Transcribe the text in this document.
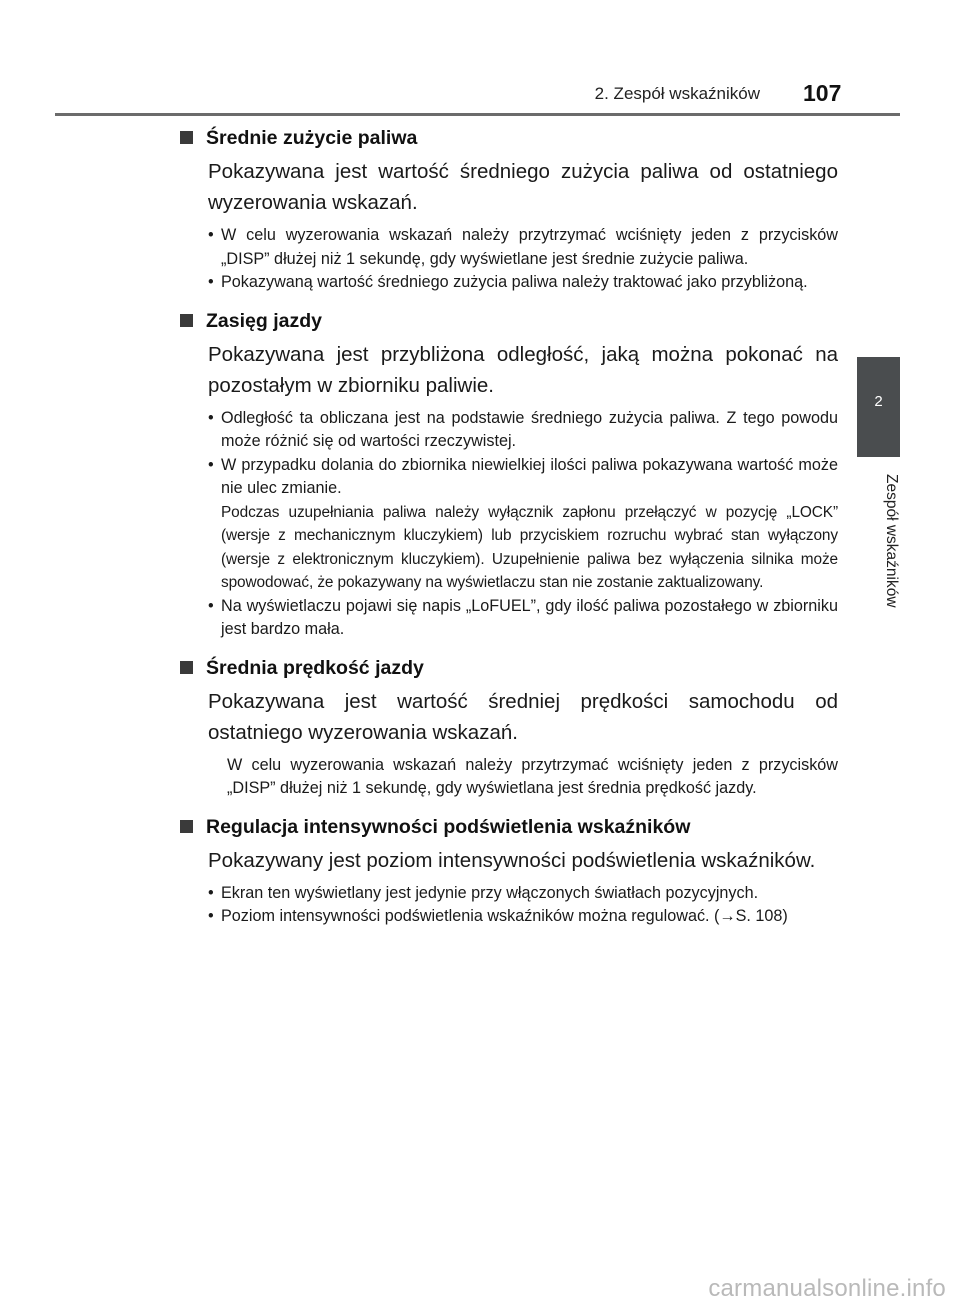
2. Zespół wskaźników 107
2
Zespół wskaźników
Średnie zużycie paliwa
Pokazywana jest wartość średniego zużycia paliwa od ostatniego wyzerowania wskazań.
• W celu wyzerowania wskazań należy przytrzymać wciśnięty jeden z przycisków „DISP” dłużej niż 1 sekundę, gdy wyświetlane jest średnie zużycie paliwa.
• Pokazywaną wartość średniego zużycia paliwa należy traktować jako przybliżoną.
Zasięg jazdy
Pokazywana jest przybliżona odległość, jaką można pokonać na pozostałym w zbiorniku paliwie.
• Odległość ta obliczana jest na podstawie średniego zużycia paliwa. Z tego powodu może różnić się od wartości rzeczywistej.
• W przypadku dolania do zbiornika niewielkiej ilości paliwa pokazywana wartość może nie ulec zmianie.
Podczas uzupełniania paliwa należy wyłącznik zapłonu przełączyć w pozycję „LOCK” (wersje z mechanicznym kluczykiem) lub przyciskiem rozruchu wybrać stan wyłączony (wersje z elektronicznym kluczykiem). Uzupełnienie paliwa bez wyłączenia silnika może spowodować, że pokazywany na wyświetlaczu stan nie zostanie zaktualizowany.
• Na wyświetlaczu pojawi się napis „LoFUEL”, gdy ilość paliwa pozostałego w zbiorniku jest bardzo mała.
Średnia prędkość jazdy
Pokazywana jest wartość średniej prędkości samochodu od ostatniego wyzerowania wskazań.
W celu wyzerowania wskazań należy przytrzymać wciśnięty jeden z przycisków „DISP” dłużej niż 1 sekundę, gdy wyświetlana jest średnia prędkość jazdy.
Regulacja intensywności podświetlenia wskaźników
Pokazywany jest poziom intensywności podświetlenia wskaźników.
• Ekran ten wyświetlany jest jedynie przy włączonych światłach pozycyjnych.
• Poziom intensywności podświetlenia wskaźników można regulować. (→S. 108)
carmanualsonline.info
